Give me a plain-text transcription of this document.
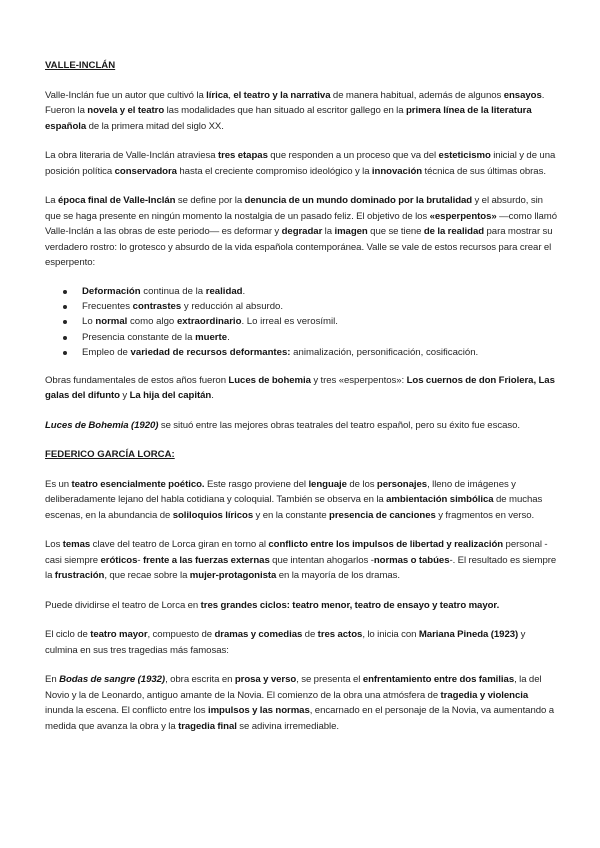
VALLE-INCLÁN

Valle-Inclán fue un autor que cultivó la lírica, el teatro y la narrativa de manera habitual, además de algunos ensayos. Fueron la novela y el teatro las modalidades que han situado al escritor gallego en la primera línea de la literatura española de la primera mitad del siglo XX.

La obra literaria de Valle-Inclán atraviesa tres etapas que responden a un proceso que va del esteticismo inicial y de una posición política conservadora hasta el creciente compromiso ideológico y la innovación técnica de sus últimas obras.

La época final de Valle-Inclán se define por la denuncia de un mundo dominado por la brutalidad y el absurdo, sin que se haga presente en ningún momento la nostalgia de un pasado feliz. El objetivo de los «esperpentos» —como llamó Valle-Inclán a las obras de este periodo— es deformar y degradar la imagen que se tiene de la realidad para mostrar su verdadero rostro: lo grotesco y absurdo de la vida española contemporánea. Valle se vale de estos recursos para crear el esperpento:

Deformación continua de la realidad.
Frecuentes contrastes y reducción al absurdo.
Lo normal como algo extraordinario. Lo irreal es verosímil.
Presencia constante de la muerte.
Empleo de variedad de recursos deformantes: animalización, personificación, cosificación.

Obras fundamentales de estos años fueron Luces de bohemia y tres «esperpentos»: Los cuernos de don Friolera, Las galas del difunto y La hija del capitán.

Luces de Bohemia (1920) se situó entre las mejores obras teatrales del teatro español, pero su éxito fue escaso.

FEDERICO GARCÍA LORCA:

Es un teatro esencialmente poético. Este rasgo proviene del lenguaje de los personajes, lleno de imágenes y deliberadamente lejano del habla cotidiana y coloquial. También se observa en la ambientación simbólica de muchas escenas, en la abundancia de soliloquios líricos y en la constante presencia de canciones y fragmentos en verso.

Los temas clave del teatro de Lorca giran en torno al conflicto entre los impulsos de libertad y realización personal -casi siempre eróticos- frente a las fuerzas externas que intentan ahogarlos -normas o tabúes-. El resultado es siempre la frustración, que recae sobre la mujer-protagonista en la mayoría de los dramas.

Puede dividirse el teatro de Lorca en tres grandes ciclos: teatro menor, teatro de ensayo y teatro mayor.

El ciclo de teatro mayor, compuesto de dramas y comedias de tres actos, lo inicia con Mariana Pineda (1923) y culmina en sus tres tragedias más famosas:

En Bodas de sangre (1932), obra escrita en prosa y verso, se presenta el enfrentamiento entre dos familias, la del Novio y la de Leonardo, antiguo amante de la Novia. El comienzo de la obra una atmósfera de tragedia y violencia inunda la escena. El conflicto entre los impulsos y las normas, encarnado en el personaje de la Novia, va aumentando a medida que avanza la obra y la tragedia final se adivina irremediable.
